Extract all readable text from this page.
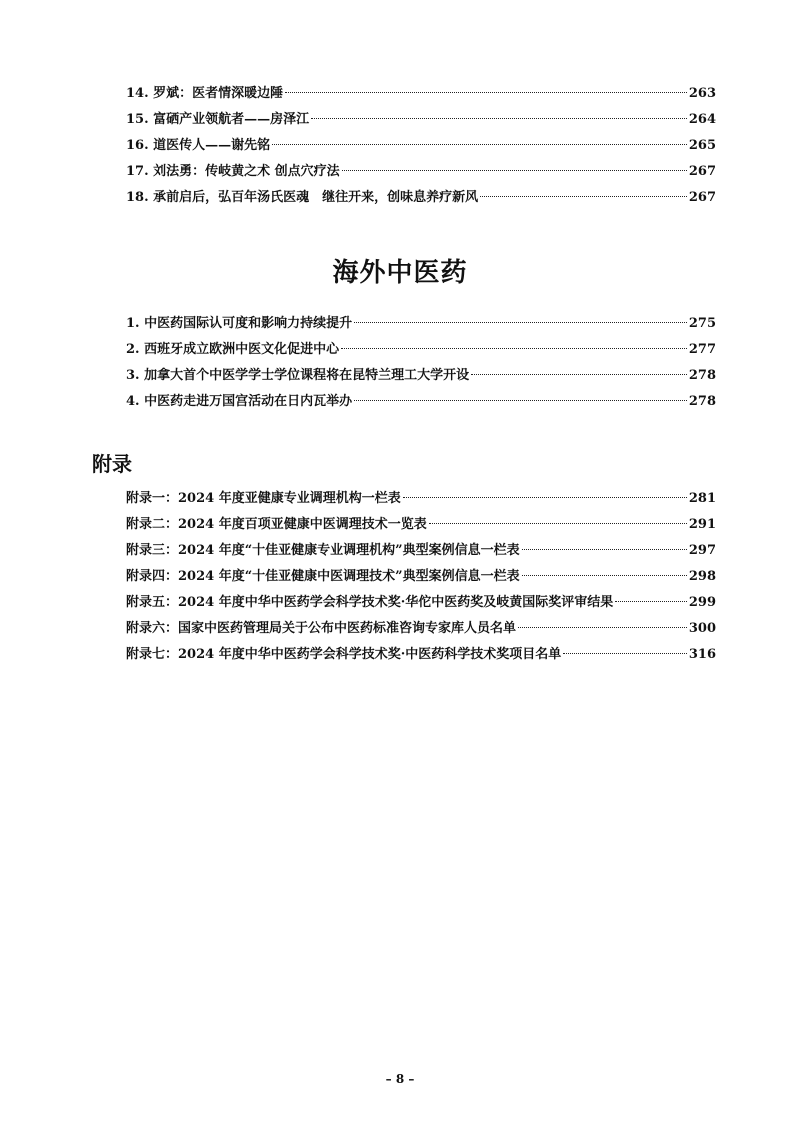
14. 罗斌：医者情深暖边陲	263
15. 富硒产业领航者——房泽江	264
16. 道医传人——谢先铭	265
17. 刘法勇：传岐黄之术 创点穴疗法	267
18. 承前启后，弘百年汤氏医魂　继往开来，创味息养疗新风	267
海外中医药
1. 中医药国际认可度和影响力持续提升	275
2. 西班牙成立欧洲中医文化促进中心	277
3. 加拿大首个中医学学士学位课程将在昆特兰理工大学开设	278
4. 中医药走进万国宫活动在日内瓦举办	278
附录
附录一：2024 年度亚健康专业调理机构一栏表	281
附录二：2024 年度百项亚健康中医调理技术一览表	291
附录三：2024 年度“十佳亚健康专业调理机构”典型案例信息一栏表	297
附录四：2024 年度“十佳亚健康中医调理技术”典型案例信息一栏表	298
附录五：2024 年度中华中医药学会科学技术奖·华佗中医药奖及岐黄国际奖评审结果	299
附录六：国家中医药管理局关于公布中医药标准咨询专家库人员名单	300
附录七：2024 年度中华中医药学会科学技术奖·中医药科学技术奖项目名单	316
– 8 –
